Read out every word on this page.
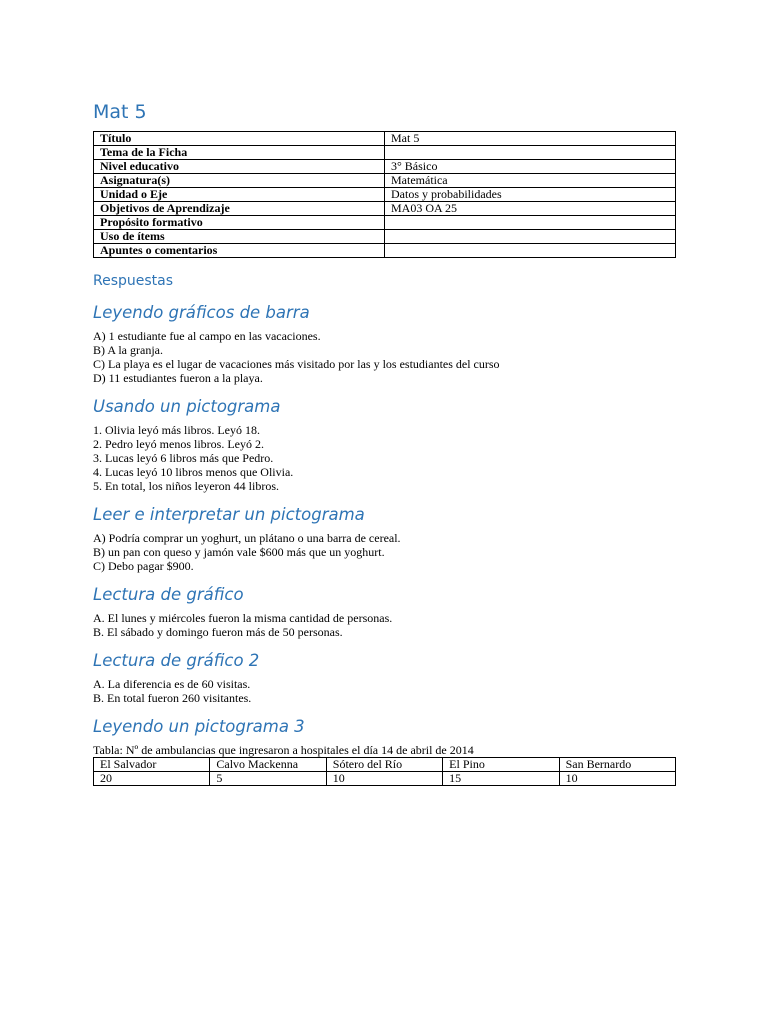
Mat 5
Título	Mat 5
Tema de la Ficha	
Nivel educativo	3° Básico
Asignatura(s)	Matemática
Unidad o Eje	Datos y probabilidades
Objetivos de Aprendizaje	MA03 OA 25
Propósito formativo	
Uso de ítems	
Apuntes o comentarios	
Respuestas
Leyendo gráficos de barra
A) 1 estudiante fue al campo en las vacaciones.
B) A la granja.
C) La playa es el lugar de vacaciones más visitado por las y los estudiantes del curso
D) 11 estudiantes fueron a la playa.
Usando un pictograma
1. Olivia leyó más libros. Leyó 18.
2. Pedro leyó menos libros. Leyó 2.
3. Lucas leyó 6 libros más que Pedro.
4. Lucas leyó 10 libros menos que Olivia.
5. En total, los niños leyeron 44 libros.
Leer e interpretar un pictograma
A) Podría comprar un yoghurt, un plátano o una barra de cereal.
B) un pan con queso y jamón vale $600 más que un yoghurt.
C) Debo pagar $900.
Lectura de gráfico
A. El lunes y miércoles fueron la misma cantidad de personas.
B. El sábado y domingo fueron más de 50 personas.
Lectura de gráfico 2
A. La diferencia es de 60 visitas.
B. En total fueron 260 visitantes.
Leyendo un pictograma 3
Tabla: Nº de ambulancias que ingresaron a hospitales el día 14 de abril de 2014
El Salvador	Calvo Mackenna	Sótero del Río	El Pino	San Bernardo
20	5	10	15	10
